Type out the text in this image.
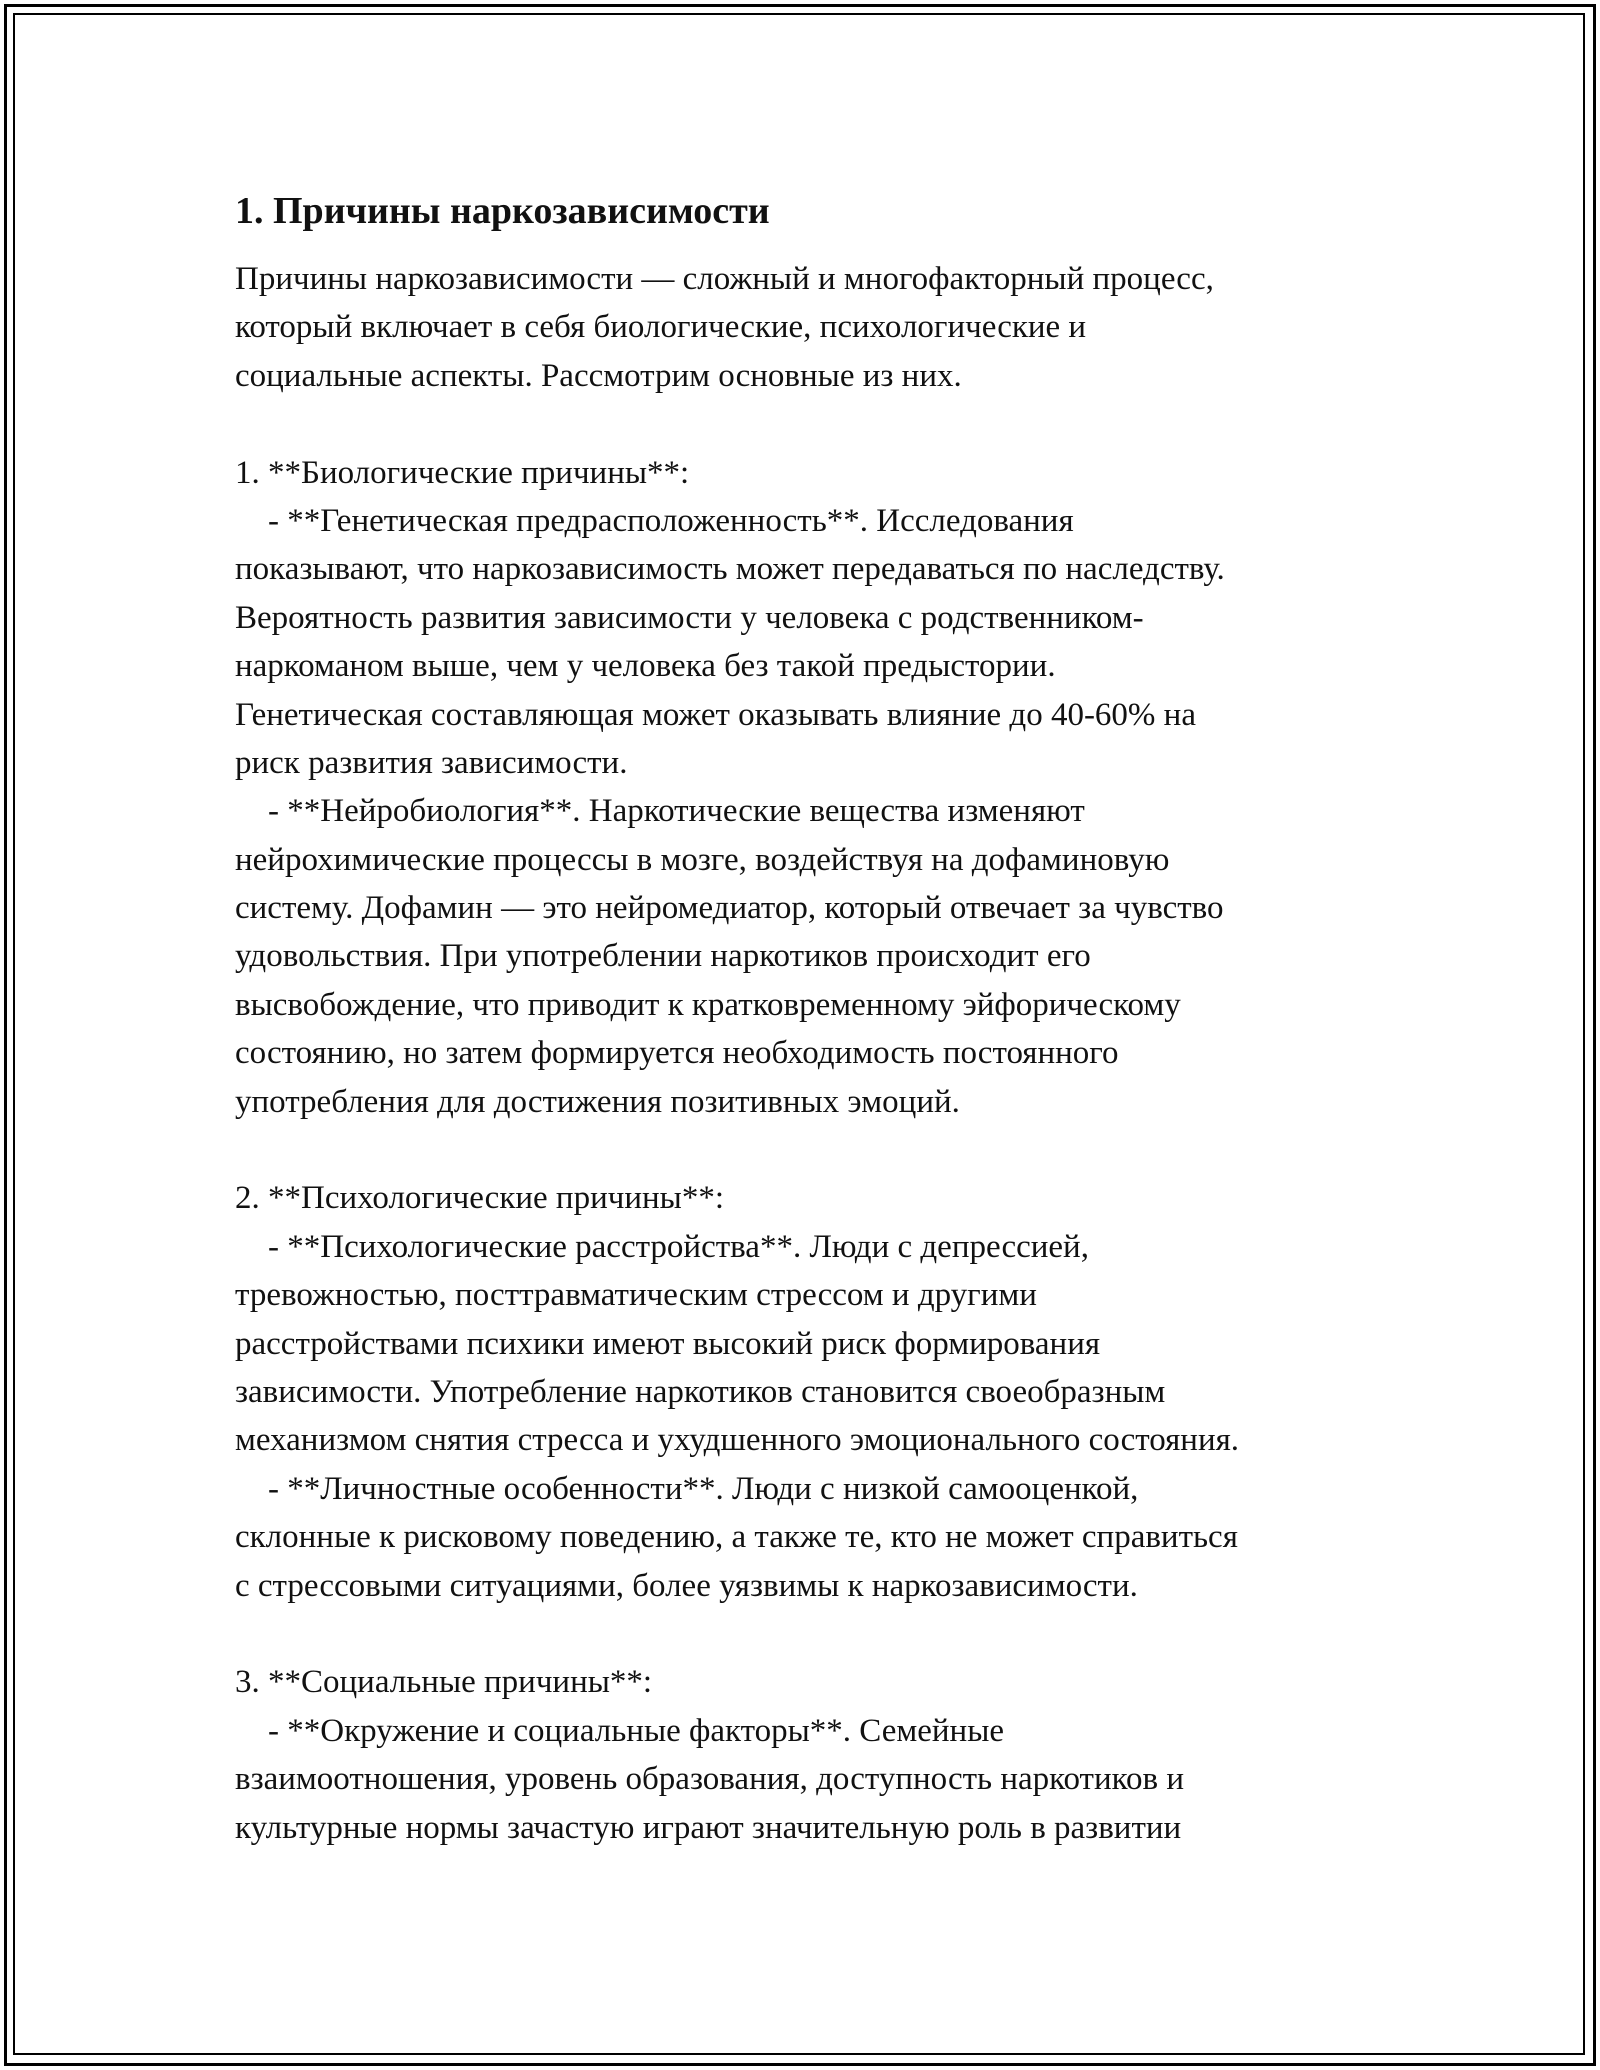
1. Причины наркозависимости
Причины наркозависимости — сложный и многофакторный процесс,
который включает в себя биологические, психологические и
социальные аспекты. Рассмотрим основные из них.
1. **Биологические причины**:
- **Генетическая предрасположенность**. Исследования
показывают, что наркозависимость может передаваться по наследству.
Вероятность развития зависимости у человека с родственником-
наркоманом выше, чем у человека без такой предыстории.
Генетическая составляющая может оказывать влияние до 40-60% на
риск развития зависимости.
- **Нейробиология**. Наркотические вещества изменяют
нейрохимические процессы в мозге, воздействуя на дофаминовую
систему. Дофамин — это нейромедиатор, который отвечает за чувство
удовольствия. При употреблении наркотиков происходит его
высвобождение, что приводит к кратковременному эйфорическому
состоянию, но затем формируется необходимость постоянного
употребления для достижения позитивных эмоций.
2. **Психологические причины**:
- **Психологические расстройства**. Люди с депрессией,
тревожностью, посттравматическим стрессом и другими
расстройствами психики имеют высокий риск формирования
зависимости. Употребление наркотиков становится своеобразным
механизмом снятия стресса и ухудшенного эмоционального состояния.
- **Личностные особенности**. Люди с низкой самооценкой,
склонные к рисковому поведению, а также те, кто не может справиться
с стрессовыми ситуациями, более уязвимы к наркозависимости.
3. **Социальные причины**:
- **Окружение и социальные факторы**. Семейные
взаимоотношения, уровень образования, доступность наркотиков и
культурные нормы зачастую играют значительную роль в развитии
